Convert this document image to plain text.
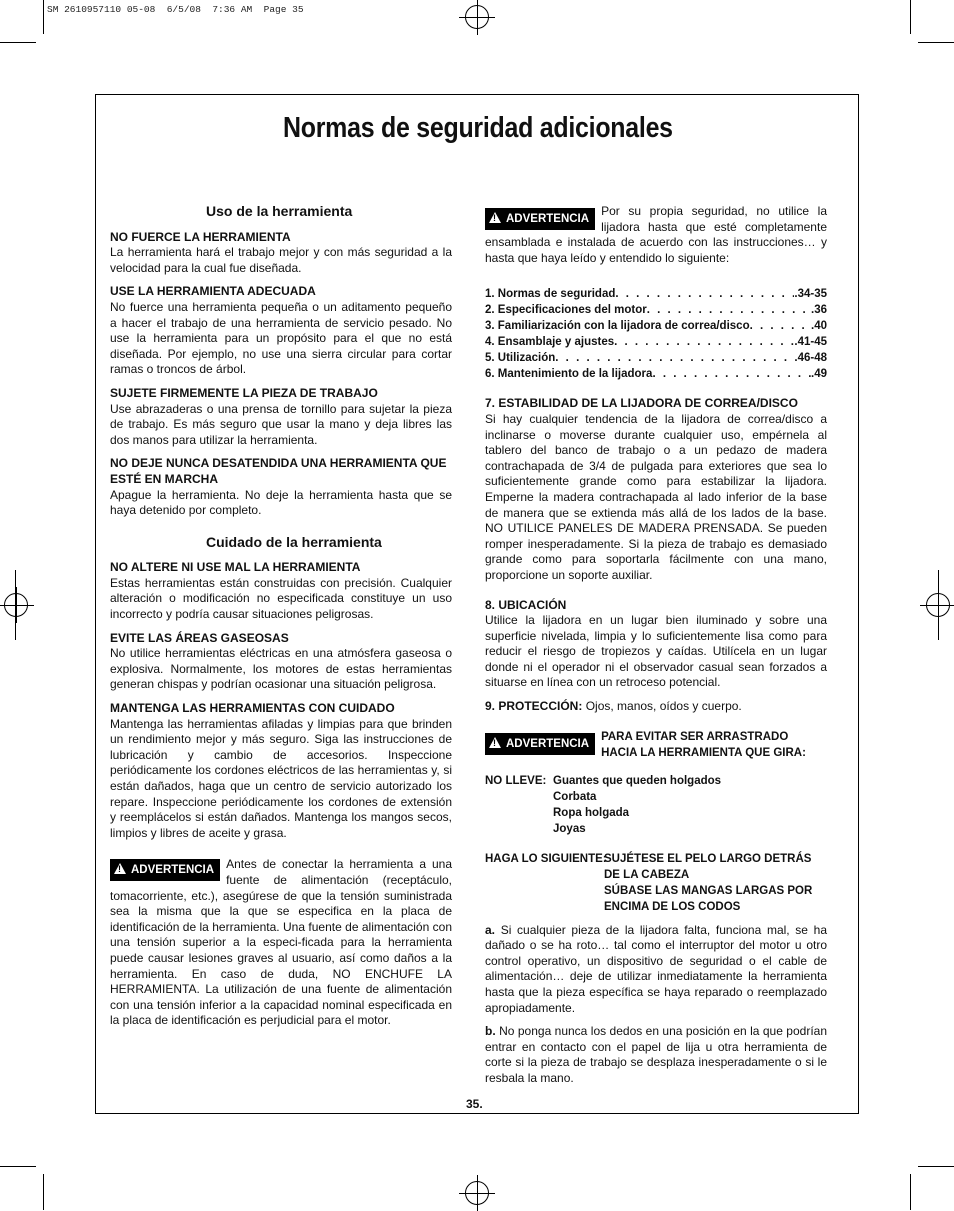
SM 2610957110 05-08  6/5/08  7:36 AM  Page 35
Normas de seguridad adicionales
Uso de la herramienta
NO FUERCE LA HERRAMIENTA
La herramienta hará el trabajo mejor y con más seguridad a la velocidad para la cual fue diseñada.
USE LA HERRAMIENTA ADECUADA
No fuerce una herramienta pequeña o un aditamento pequeño a hacer el trabajo de una herramienta de servicio pesado. No use la herramienta para un propósito para el que no está diseñada. Por ejemplo, no use una sierra circular para cortar ramas o troncos de árbol.
SUJETE FIRMEMENTE LA PIEZA DE TRABAJO
Use abrazaderas o una prensa de tornillo para sujetar la pieza de trabajo. Es más seguro que usar la mano y deja libres las dos manos para utilizar la herramienta.
NO DEJE NUNCA DESATENDIDA UNA HERRAMIENTA QUE ESTÉ EN MARCHA
Apague la herramienta. No deje la herramienta hasta que se haya detenido por completo.
Cuidado de la herramienta
NO ALTERE NI USE MAL LA HERRAMIENTA
Estas herramientas están construidas con precisión. Cualquier alteración o modificación no especificada constituye un uso incorrecto y podría causar situaciones peligrosas.
EVITE LAS ÁREAS GASEOSAS
No utilice herramientas eléctricas en una atmósfera gaseosa o explosiva. Normalmente, los motores de estas herramientas generan chispas y podrían ocasionar una situación peligrosa.
MANTENGA LAS HERRAMIENTAS CON CUIDADO
Mantenga las herramientas afiladas y limpias para que brinden un rendimiento mejor y más seguro. Siga las instrucciones de lubricación y cambio de accesorios. Inspeccione periódicamente los cordones eléctricos de las herramientas y, si están dañados, haga que un centro de servicio autorizado los repare. Inspeccione periódicamente los cordones de extensión y reemplácelos si están dañados. Mantenga los mangos secos, limpios y libres de aceite y grasa.
! ADVERTENCIA	Antes de conectar la herramienta a una fuente de alimentación (receptáculo, tomacorriente, etc.), asegúrese de que la tensión suministrada sea la misma que la que se especifica en la placa de identificación de la herramienta. Una fuente de alimentación con una tensión superior a la especi-ficada para la herramienta puede causar lesiones graves al usuario, así como daños a la herramienta. En caso de duda, NO ENCHUFE LA HERRAMIENTA. La utilización de una fuente de alimentación con una tensión inferior a la capacidad nominal especificada en la placa de identificación es perjudicial para el motor.
! ADVERTENCIA
Por su propia seguridad, no utilice la lijadora hasta que esté completamente ensamblada e instalada de acuerdo con las instrucciones… y hasta que haya leído y entendido lo siguiente:
1. Normas de seguridad . . .	.34-35
2. Especificaciones del motor . . .	.36
3. Familiarización con la lijadora de correa/disco . . .	.40
4. Ensamblaje y ajustes . . .	.41-45
5. Utilización . . .	.46-48
6. Mantenimiento de la lijadora . . .	.49
7. ESTABILIDAD DE LA LIJADORA DE CORREA/DISCO
Si hay cualquier tendencia de la lijadora de correa/disco a inclinarse o moverse durante cualquier uso, empérnela al tablero del banco de trabajo o a un pedazo de madera contrachapada de 3/4 de pulgada para exteriores que sea lo suficientemente grande como para estabilizar la lijadora. Emperne la madera contrachapada al lado inferior de la base de manera que se extienda más allá de los lados de la base. NO UTILICE PANELES DE MADERA PRENSADA. Se pueden romper inesperadamente. Si la pieza de trabajo es demasiado grande como para soportarla fácilmente con una mano, proporcione un soporte auxiliar.
8. UBICACIÓN
Utilice la lijadora en un lugar bien iluminado y sobre una superficie nivelada, limpia y lo suficientemente lisa como para reducir el riesgo de tropiezos y caídas. Utilícela en un lugar donde ni el operador ni el observador casual sean forzados a situarse en línea con un retroceso potencial.
9. PROTECCIÓN: Ojos, manos, oídos y cuerpo.
! ADVERTENCIA
PARA EVITAR SER ARRASTRADO HACIA LA HERRAMIENTA QUE GIRA:
NO LLEVE: Guantes que queden holgados
Corbata
Ropa holgada
Joyas
HAGA LO SIGUIENTE:
SUJÉTESE EL PELO LARGO DETRÁS
DE LA CABEZA
SÚBASE LAS MANGAS LARGAS POR
ENCIMA DE LOS CODOS
a. Si cualquier pieza de la lijadora falta, funciona mal, se ha dañado o se ha roto… tal como el interruptor del motor u otro control operativo, un dispositivo de seguridad o el cable de alimentación… deje de utilizar inmediatamente la herramienta hasta que la pieza específica se haya reparado o reemplazado apropiadamente.
b. No ponga nunca los dedos en una posición en la que podrían entrar en contacto con el papel de lija u otra herramienta de corte si la pieza de trabajo se desplaza inesperadamente o si le resbala la mano.
35.
